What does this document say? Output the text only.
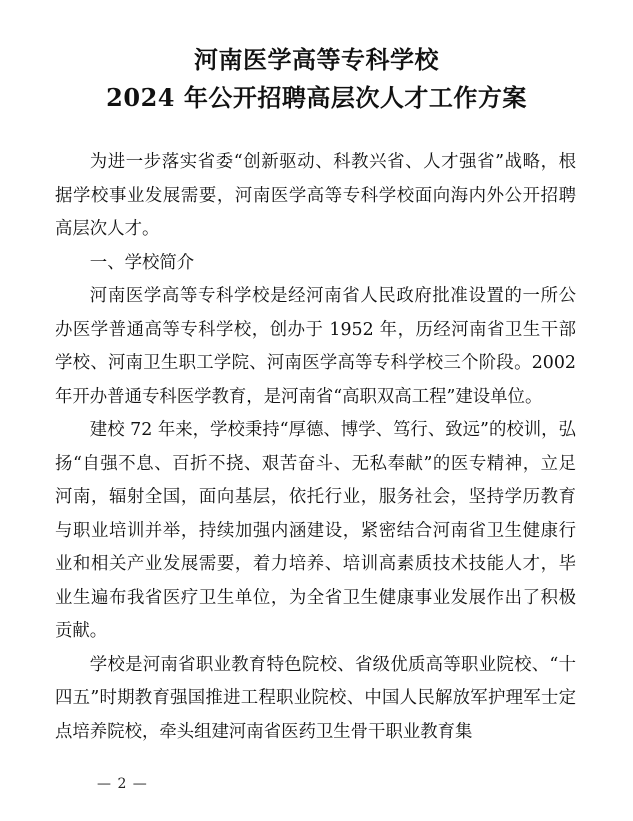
河南医学高等专科学校
2024 年公开招聘高层次人才工作方案

为进一步落实省委“创新驱动、科教兴省、人才强省”战略，根据学校事业发展需要，河南医学高等专科学校面向海内外公开招聘高层次人才。

一、学校简介

河南医学高等专科学校是经河南省人民政府批准设置的一所公办医学普通高等专科学校，创办于 1952 年，历经河南省卫生干部学校、河南卫生职工学院、河南医学高等专科学校三个阶段。2002 年开办普通专科医学教育，是河南省“高职双高工程”建设单位。

建校 72 年来，学校秉持“厚德、博学、笃行、致远”的校训，弘扬“自强不息、百折不挠、艰苦奋斗、无私奉献”的医专精神，立足河南，辐射全国，面向基层，依托行业，服务社会，坚持学历教育与职业培训并举，持续加强内涵建设，紧密结合河南省卫生健康行业和相关产业发展需要，着力培养、培训高素质技术技能人才，毕业生遍布我省医疗卫生单位，为全省卫生健康事业发展作出了积极贡献。

学校是河南省职业教育特色院校、省级优质高等职业院校、“十四五”时期教育强国推进工程职业院校、中国人民解放军护理军士定点培养院校，牵头组建河南省医药卫生骨干职业教育集

— 2 —
